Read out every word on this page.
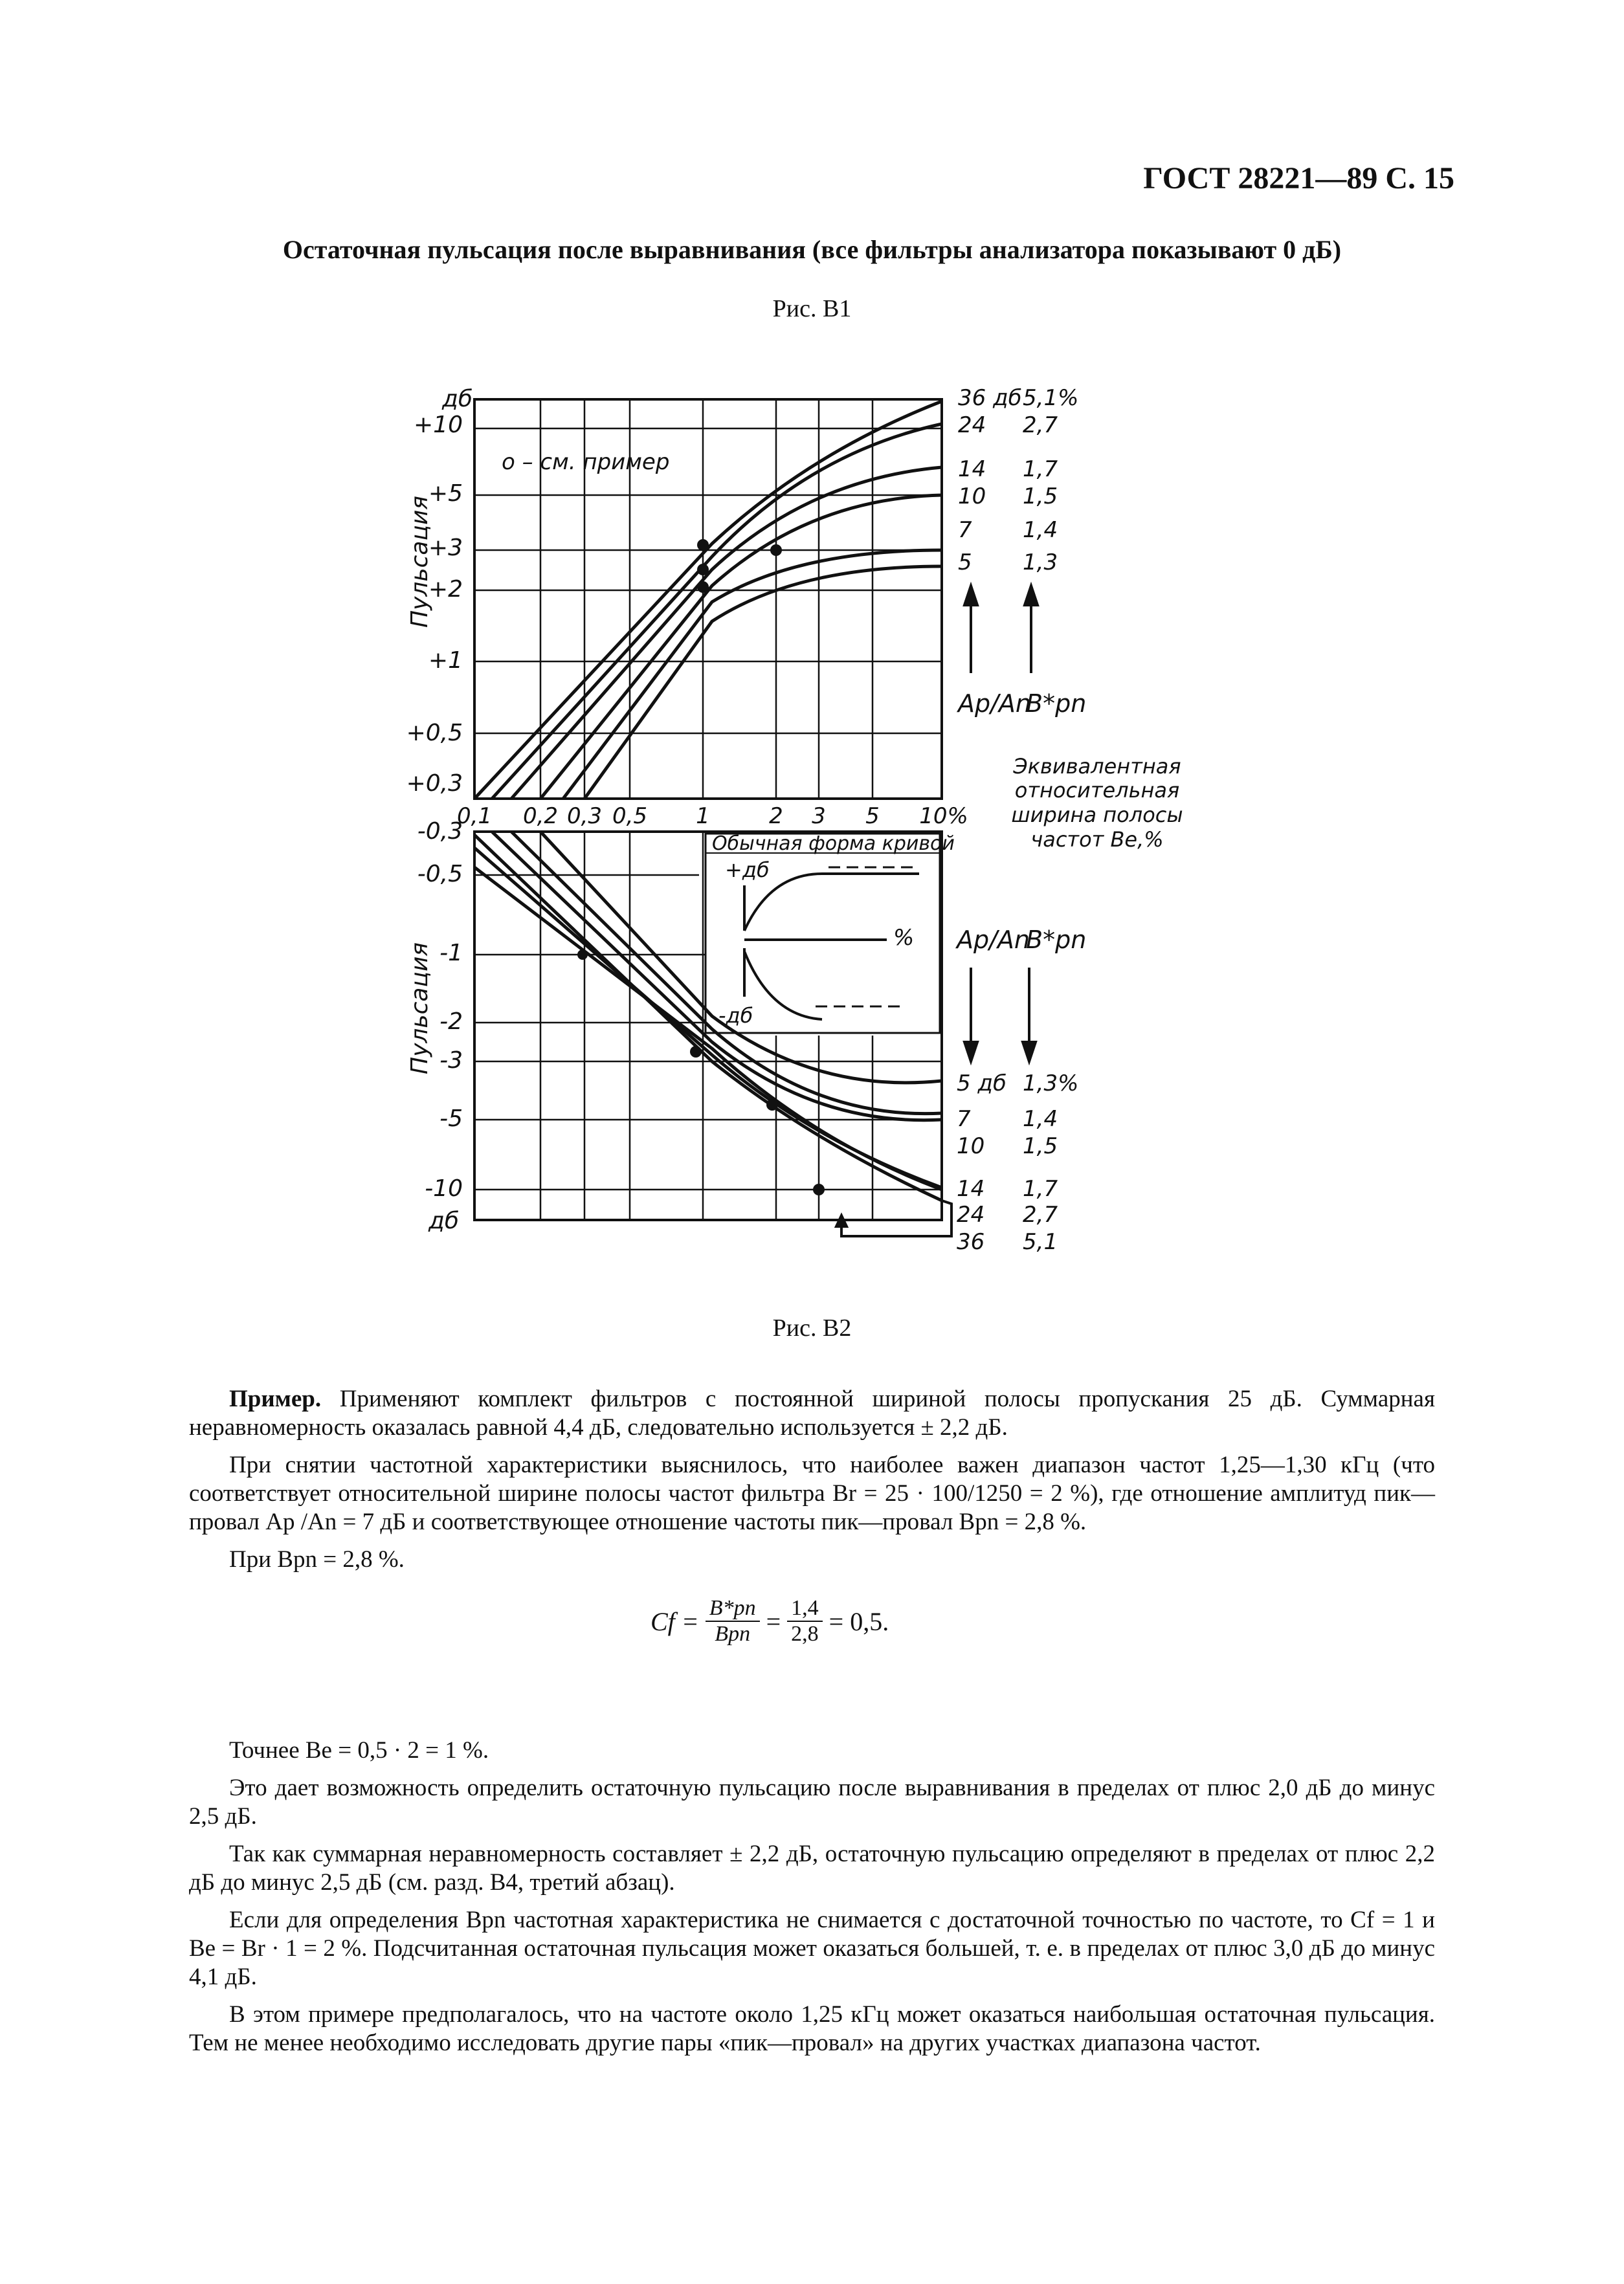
ГОСТ 28221—89 С. 15
Остаточная пульсация после выравнивания (все фильтры анализатора показывают 0 дБ)
Рис. В1
дб
+10
+5
+3
+2
+1
+0,5
+0,3
о – см. пример
Пульсация
0,1 0,2 0,3 0,5 1	2 3 5 10%
36 дб 5,1%
24 2,7
14 1,7
10 1,5
7 1,4
5 1,3
Ap/An
B*pn
Эквивалентная
относительная
ширина полосы
частот Be,%
Обычная форма кривой
+дб
-дб
%
-0,3
-0,5
-1
-2
-3
-5
-10
дб
Пульсация
Ap/An
B*pn
5 дб 1,3%
7 1,4
10 1,5
14 1,7
24 2,7
36 5,1
Рис. В2

Пример. Применяют комплект фильтров с постоянной шириной полосы пропускания 25 дБ. Суммарная неравномерность оказалась равной 4,4 дБ, следовательно используется ± 2,2 дБ.

При снятии частотной характеристики выяснилось, что наиболее важен диапазон частот 1,25—1,30 кГц (что соответствует относительной ширине полосы частот фильтра Br = 25 · 100/1250 = 2 %), где отношение амплитуд пик—провал Ap /An = 7 дБ и соответствующее отношение частоты пик—провал Bpn = 2,8 %.

При Bpn = 2,8 %.

$Cf = \frac{B*pn}{\text{Bpn}} = \frac{1,4}{2,8} = 0,5$.

Точнее Be = 0,5 · 2 = 1 %.

Это дает возможность определить остаточную пульсацию после выравнивания в пределах от плюс 2,0 дБ до минус 2,5 дБ.

Так как суммарная неравномерность составляет ± 2,2 дБ, остаточную пульсацию определяют в пределах от плюс 2,2 дБ до минус 2,5 дБ (см. разд. В4, третий абзац).

Если для определения Bpn частотная характеристика не снимается с достаточной точностью по частоте, то Cf = 1 и Be = Br · 1 = 2 %. Подсчитанная остаточная пульсация может оказаться большей, т. е. в пределах от плюс 3,0 дБ до минус 4,1 дБ.

В этом примере предполагалось, что на частоте около 1,25 кГц может оказаться наибольшая остаточная пульсация. Тем не менее необходимо исследовать другие пары «пик—провал» на других участках диапазона частот.
